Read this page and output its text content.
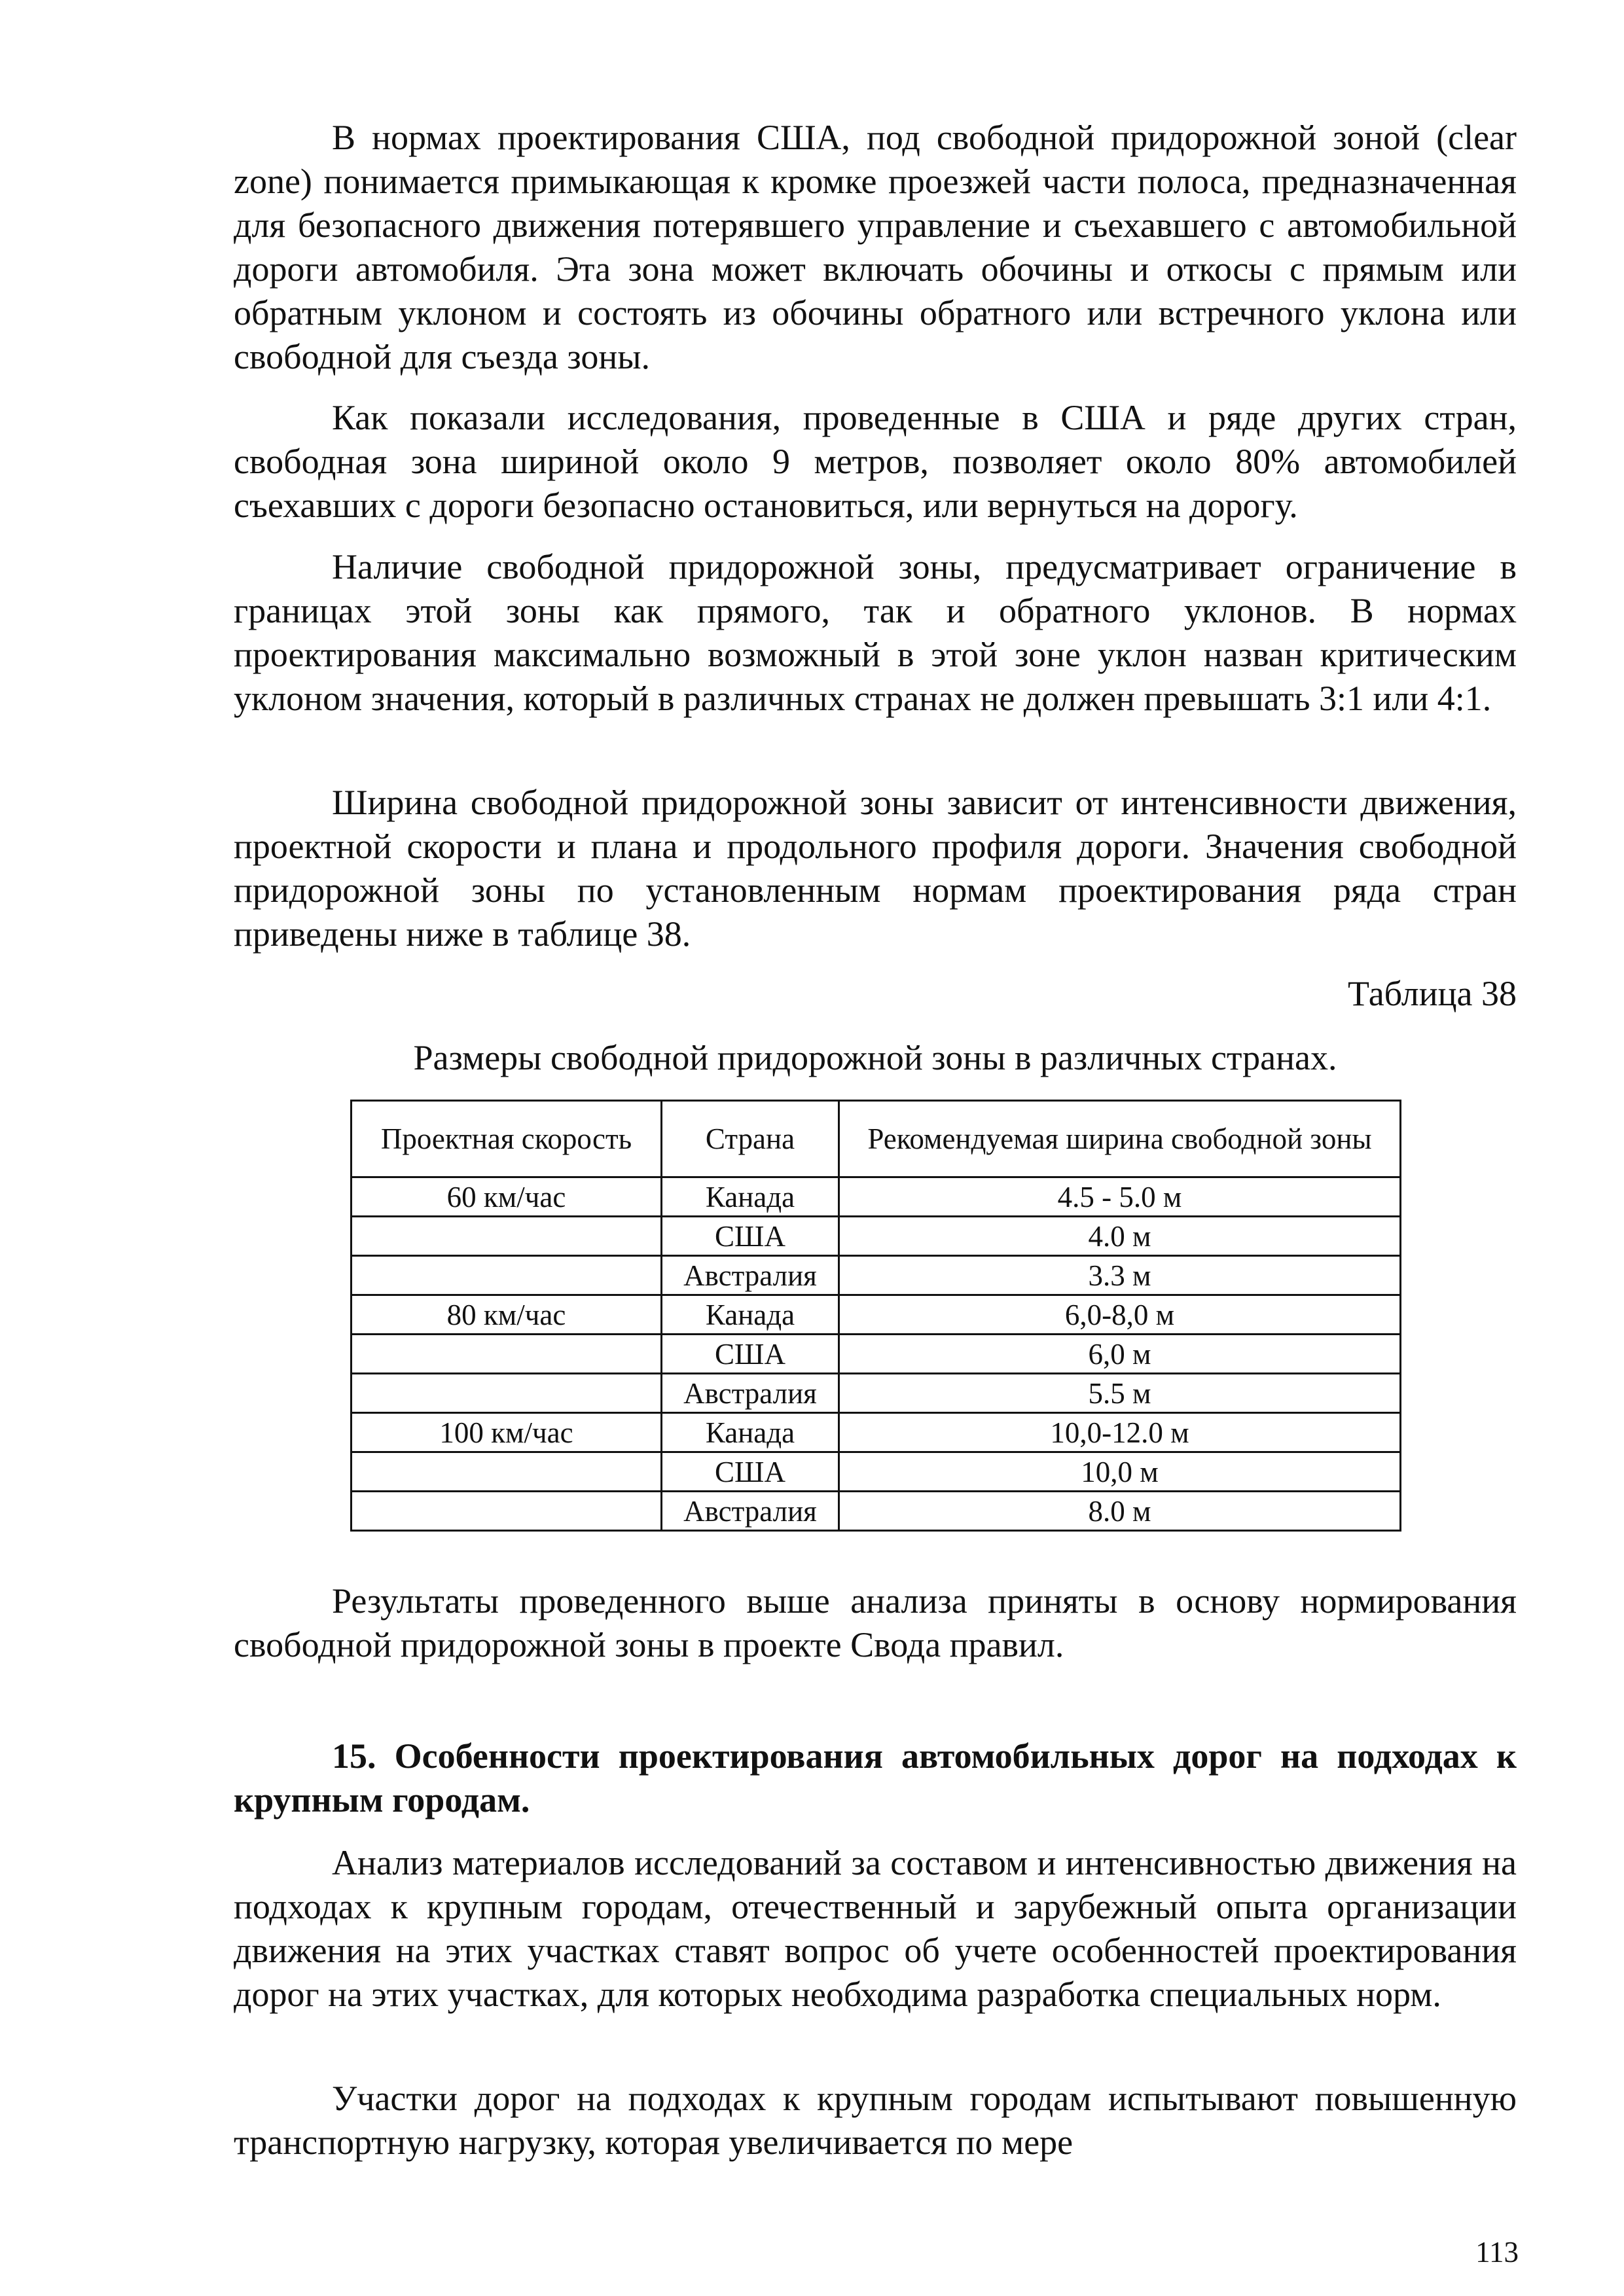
В нормах проектирования США, под свободной придорожной зоной (clear zone) понимается примыкающая к кромке проезжей части полоса, предназначенная для безопасного движения потерявшего управление и съехавшего с автомобильной дороги автомобиля. Эта зона может включать обочины и откосы с прямым или обратным уклоном и состоять из обочины обратного или встречного уклона или свободной для съезда зоны.

Как показали исследования, проведенные в США и ряде других стран, свободная зона шириной около 9 метров, позволяет около 80% автомобилей съехавших с дороги безопасно остановиться, или вернуться на дорогу.

Наличие свободной придорожной зоны, предусматривает ограничение в границах этой зоны как прямого, так и обратного уклонов. В нормах проектирования максимально возможный в этой зоне уклон назван критическим уклоном значения, который в различных странах не должен превышать 3:1 или 4:1.

Ширина свободной придорожной зоны зависит от интенсивности движения, проектной скорости и плана и продольного профиля дороги. Значения свободной придорожной зоны по установленным нормам проектирования ряда стран приведены ниже в таблице 38.

Таблица 38

Размеры свободной придорожной зоны в различных странах.

Проектная скорость	Страна	Рекомендуемая ширина свободной зоны
60 км/час	Канада	4.5 - 5.0 м
	США	4.0 м
	Австралия	3.3 м
80 км/час	Канада	6,0-8,0 м
	США	6,0 м
	Австралия	5.5 м
100 км/час	Канада	10,0-12.0 м
	США	10,0 м
	Австралия	8.0 м

Результаты проведенного выше анализа приняты в основу нормирования свободной придорожной зоны в проекте Свода правил.

15. Особенности проектирования автомобильных дорог на подходах к крупным городам.

Анализ материалов исследований за составом и интенсивностью движения на подходах к крупным городам, отечественный и зарубежный опыта организации движения на этих участках ставят вопрос об учете особенностей проектирования дорог на этих участках, для которых необходима разработка специальных норм.

Участки дорог на подходах к крупным городам испытывают повышенную транспортную нагрузку, которая увеличивается по мере

113
